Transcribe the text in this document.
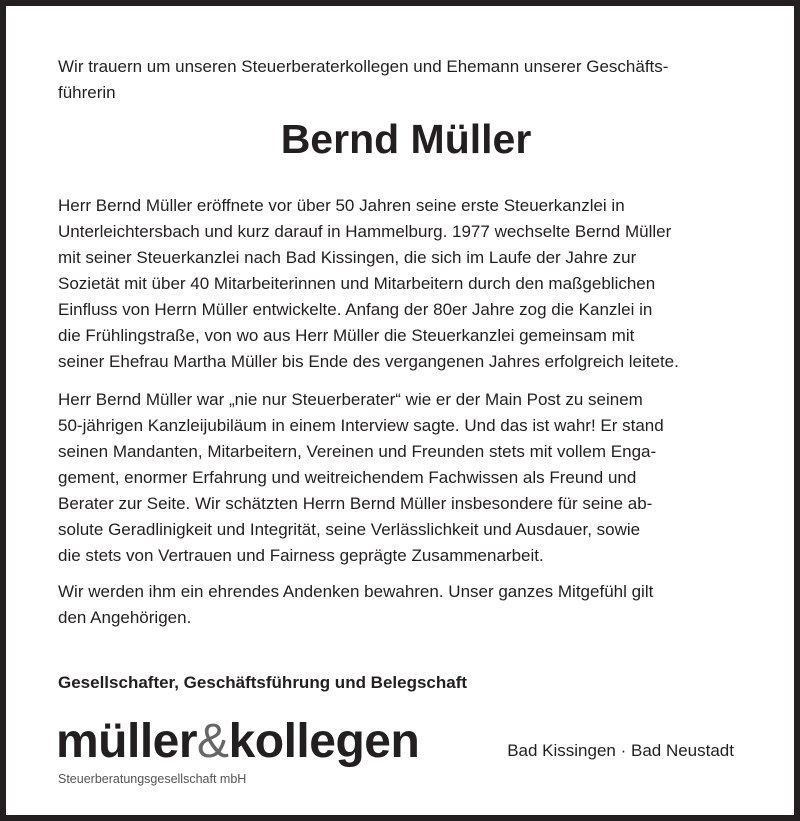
Wir trauern um unseren Steuerberaterkollegen und Ehemann unserer Geschäfts-
führerin
Bernd Müller
Herr Bernd Müller eröffnete vor über 50 Jahren seine erste Steuerkanzlei in
Unterleichtersbach und kurz darauf in Hammelburg. 1977 wechselte Bernd Müller
mit seiner Steuerkanzlei nach Bad Kissingen, die sich im Laufe der Jahre zur
Sozietät mit über 40 Mitarbeiterinnen und Mitarbeitern durch den maßgeblichen
Einfluss von Herrn Müller entwickelte. Anfang der 80er Jahre zog die Kanzlei in
die Frühlingstraße, von wo aus Herr Müller die Steuerkanzlei gemeinsam mit
seiner Ehefrau Martha Müller bis Ende des vergangenen Jahres erfolgreich leitete.
Herr Bernd Müller war „nie nur Steuerberater“ wie er der Main Post zu seinem
50-jährigen Kanzleijubiläum in einem Interview sagte. Und das ist wahr! Er stand
seinen Mandanten, Mitarbeitern, Vereinen und Freunden stets mit vollem Enga-
gement, enormer Erfahrung und weitreichendem Fachwissen als Freund und
Berater zur Seite. Wir schätzten Herrn Bernd Müller insbesondere für seine ab-
solute Geradlinigkeit und Integrität, seine Verlässlichkeit und Ausdauer, sowie
die stets von Vertrauen und Fairness geprägte Zusammenarbeit.
Wir werden ihm ein ehrendes Andenken bewahren. Unser ganzes Mitgefühl gilt
den Angehörigen.
Gesellschafter, Geschäftsführung und Belegschaft
müller&kollegen
Steuerberatungsgesellschaft mbH
Bad Kissingen · Bad Neustadt
